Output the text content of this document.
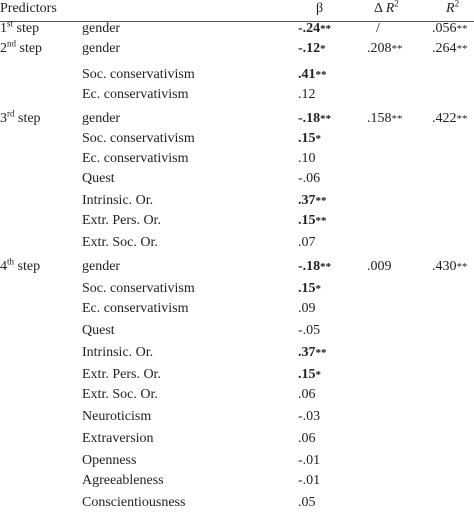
Predictors	β	Δ $R^2$	$R^2$
1st step	gender	-.24**	/	.056**
2nd step	gender	-.12*	.208** .264**
Soc. conservativism	.41**
Ec. conservativism	.12
3rd step	gender	-.18**	.158** .422**
Soc. conservativism	.15*
Ec. conservativism	.10
Quest	-.06
Intrinsic. Or.	.37**
Extr. Pers. Or.	.15**
Extr. Soc. Or.	.07
4th step	gender	-.18**	.009	.430**
Soc. conservativism	.15*
Ec. conservativism	.09
Quest	-.05
Intrinsic. Or.	.37**
Extr. Pers. Or.	.15*
Extr. Soc. Or.	.06
Neuroticism	-.03
Extraversion	.06
Openness	-.01
Agreeableness	-.01
Conscientiousness	.05
